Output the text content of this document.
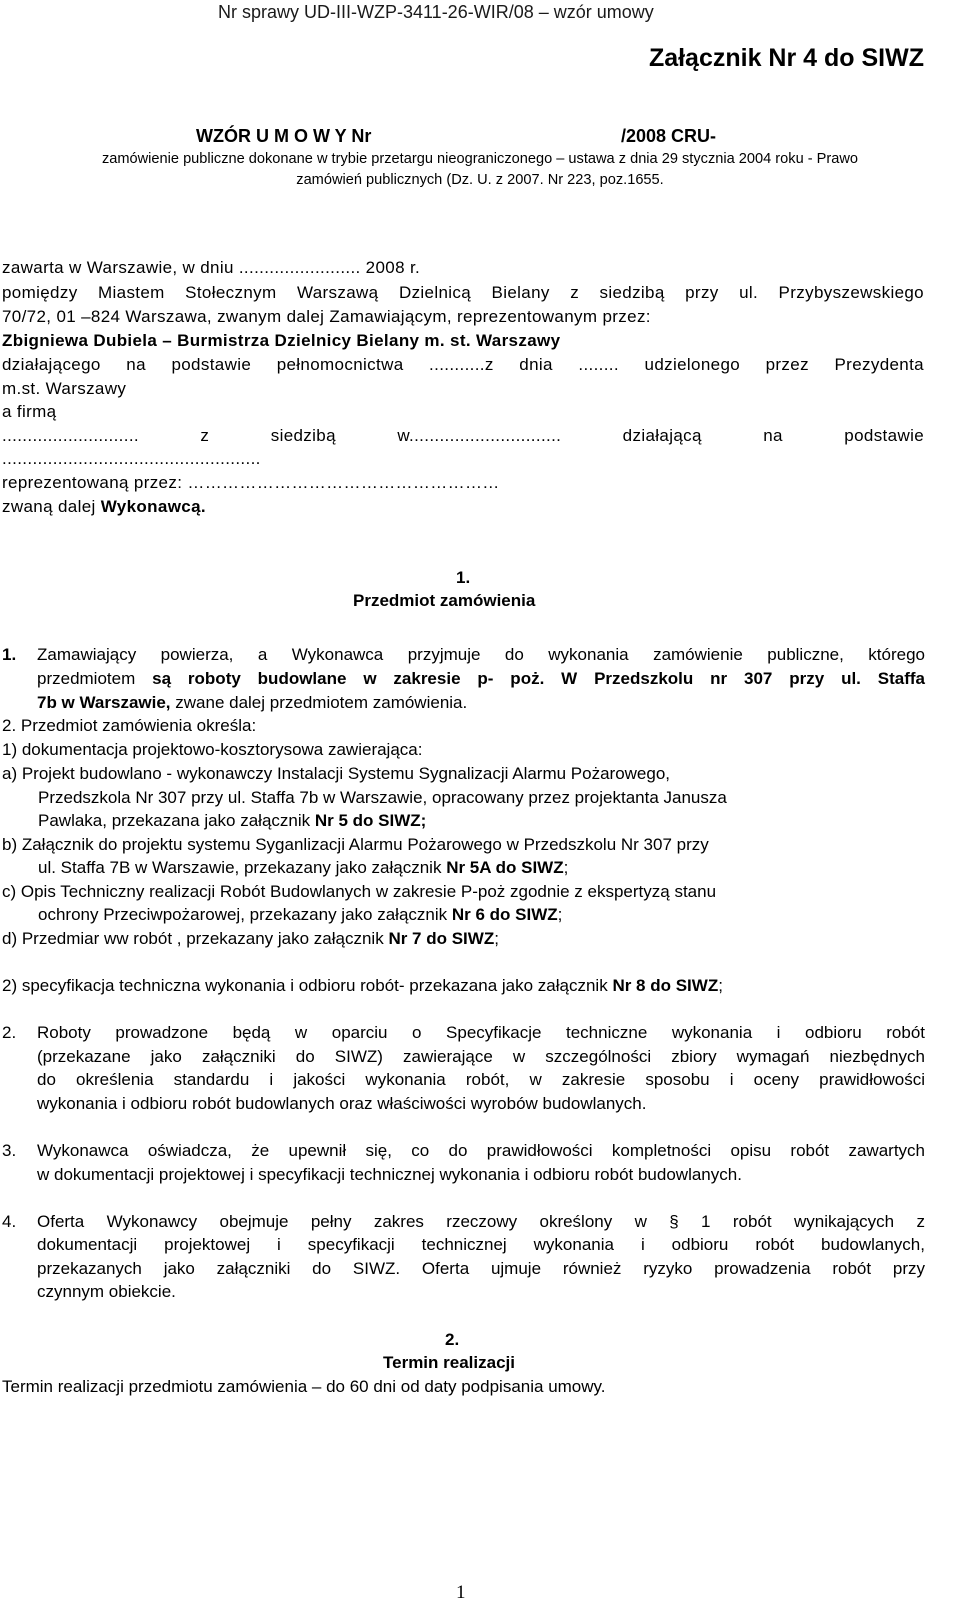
Nr sprawy UD-III-WZP-3411-26-WIR/08 – wzór umowy
Załącznik Nr 4 do SIWZ
WZÓR U M O W Y Nr	/2008 CRU-
zamówienie publiczne dokonane w trybie przetargu nieograniczonego – ustawa z dnia 29 stycznia 2004 roku - Prawo
zamówień publicznych (Dz. U. z 2007. Nr 223, poz.1655.
zawarta w Warszawie, w dniu ........................ 2008 r.
pomiędzy Miastem Stołecznym Warszawą Dzielnicą Bielany z siedzibą przy ul. Przybyszewskiego
70/72, 01 –824 Warszawa, zwanym dalej Zamawiającym, reprezentowanym przez:
Zbigniewa Dubiela – Burmistrza Dzielnicy Bielany m. st. Warszawy
działającego na podstawie pełnomocnictwa ...........z dnia ........ udzielonego przez Prezydenta
m.st. Warszawy
a firmą
........................... z siedzibą w.............................. działającą na podstawie
...................................................
reprezentowaną przez: ………………………………………………
zwaną dalej Wykonawcą.
1.
Przedmiot zamówienia
1. Zamawiający powierza, a Wykonawca przyjmuje do wykonania zamówienie publiczne, którego
przedmiotem są roboty budowlane w zakresie p- poż. W Przedszkolu nr 307 przy ul. Staffa
7b w Warszawie, zwane dalej przedmiotem zamówienia.
2. Przedmiot zamówienia określa:
1) dokumentacja projektowo-kosztorysowa zawierająca:
a) Projekt budowlano - wykonawczy Instalacji Systemu Sygnalizacji Alarmu Pożarowego,
Przedszkola Nr 307 przy ul. Staffa 7b w Warszawie, opracowany przez projektanta Janusza
Pawlaka, przekazana jako załącznik Nr 5 do SIWZ;
b) Załącznik do projektu systemu Syganlizacji Alarmu Pożarowego w Przedszkolu Nr 307 przy
ul. Staffa 7B w Warszawie, przekazany jako załącznik Nr 5A do SIWZ;
c) Opis Techniczny realizacji Robót Budowlanych w zakresie P-poż zgodnie z ekspertyzą stanu
ochrony Przeciwpożarowej, przekazany jako załącznik Nr 6 do SIWZ;
d) Przedmiar ww robót , przekazany jako załącznik Nr 7 do SIWZ;
2) specyfikacja techniczna wykonania i odbioru robót- przekazana jako załącznik Nr 8 do SIWZ;
2. Roboty prowadzone będą w oparciu o Specyfikacje techniczne wykonania i odbioru robót
(przekazane jako załączniki do SIWZ) zawierające w szczególności zbiory wymagań niezbędnych
do określenia standardu i jakości wykonania robót, w zakresie sposobu i oceny prawidłowości
wykonania i odbioru robót budowlanych oraz właściwości wyrobów budowlanych.
3. Wykonawca oświadcza, że upewnił się, co do prawidłowości kompletności opisu robót zawartych
w dokumentacji projektowej i specyfikacji technicznej wykonania i odbioru robót budowlanych.
4. Oferta Wykonawcy obejmuje pełny zakres rzeczowy określony w § 1 robót wynikających z
dokumentacji projektowej i specyfikacji technicznej wykonania i odbioru robót budowlanych,
przekazanych jako załączniki do SIWZ. Oferta ujmuje również ryzyko prowadzenia robót przy
czynnym obiekcie.
2.
Termin realizacji
Termin realizacji przedmiotu zamówienia – do 60 dni od daty podpisania umowy.
1
